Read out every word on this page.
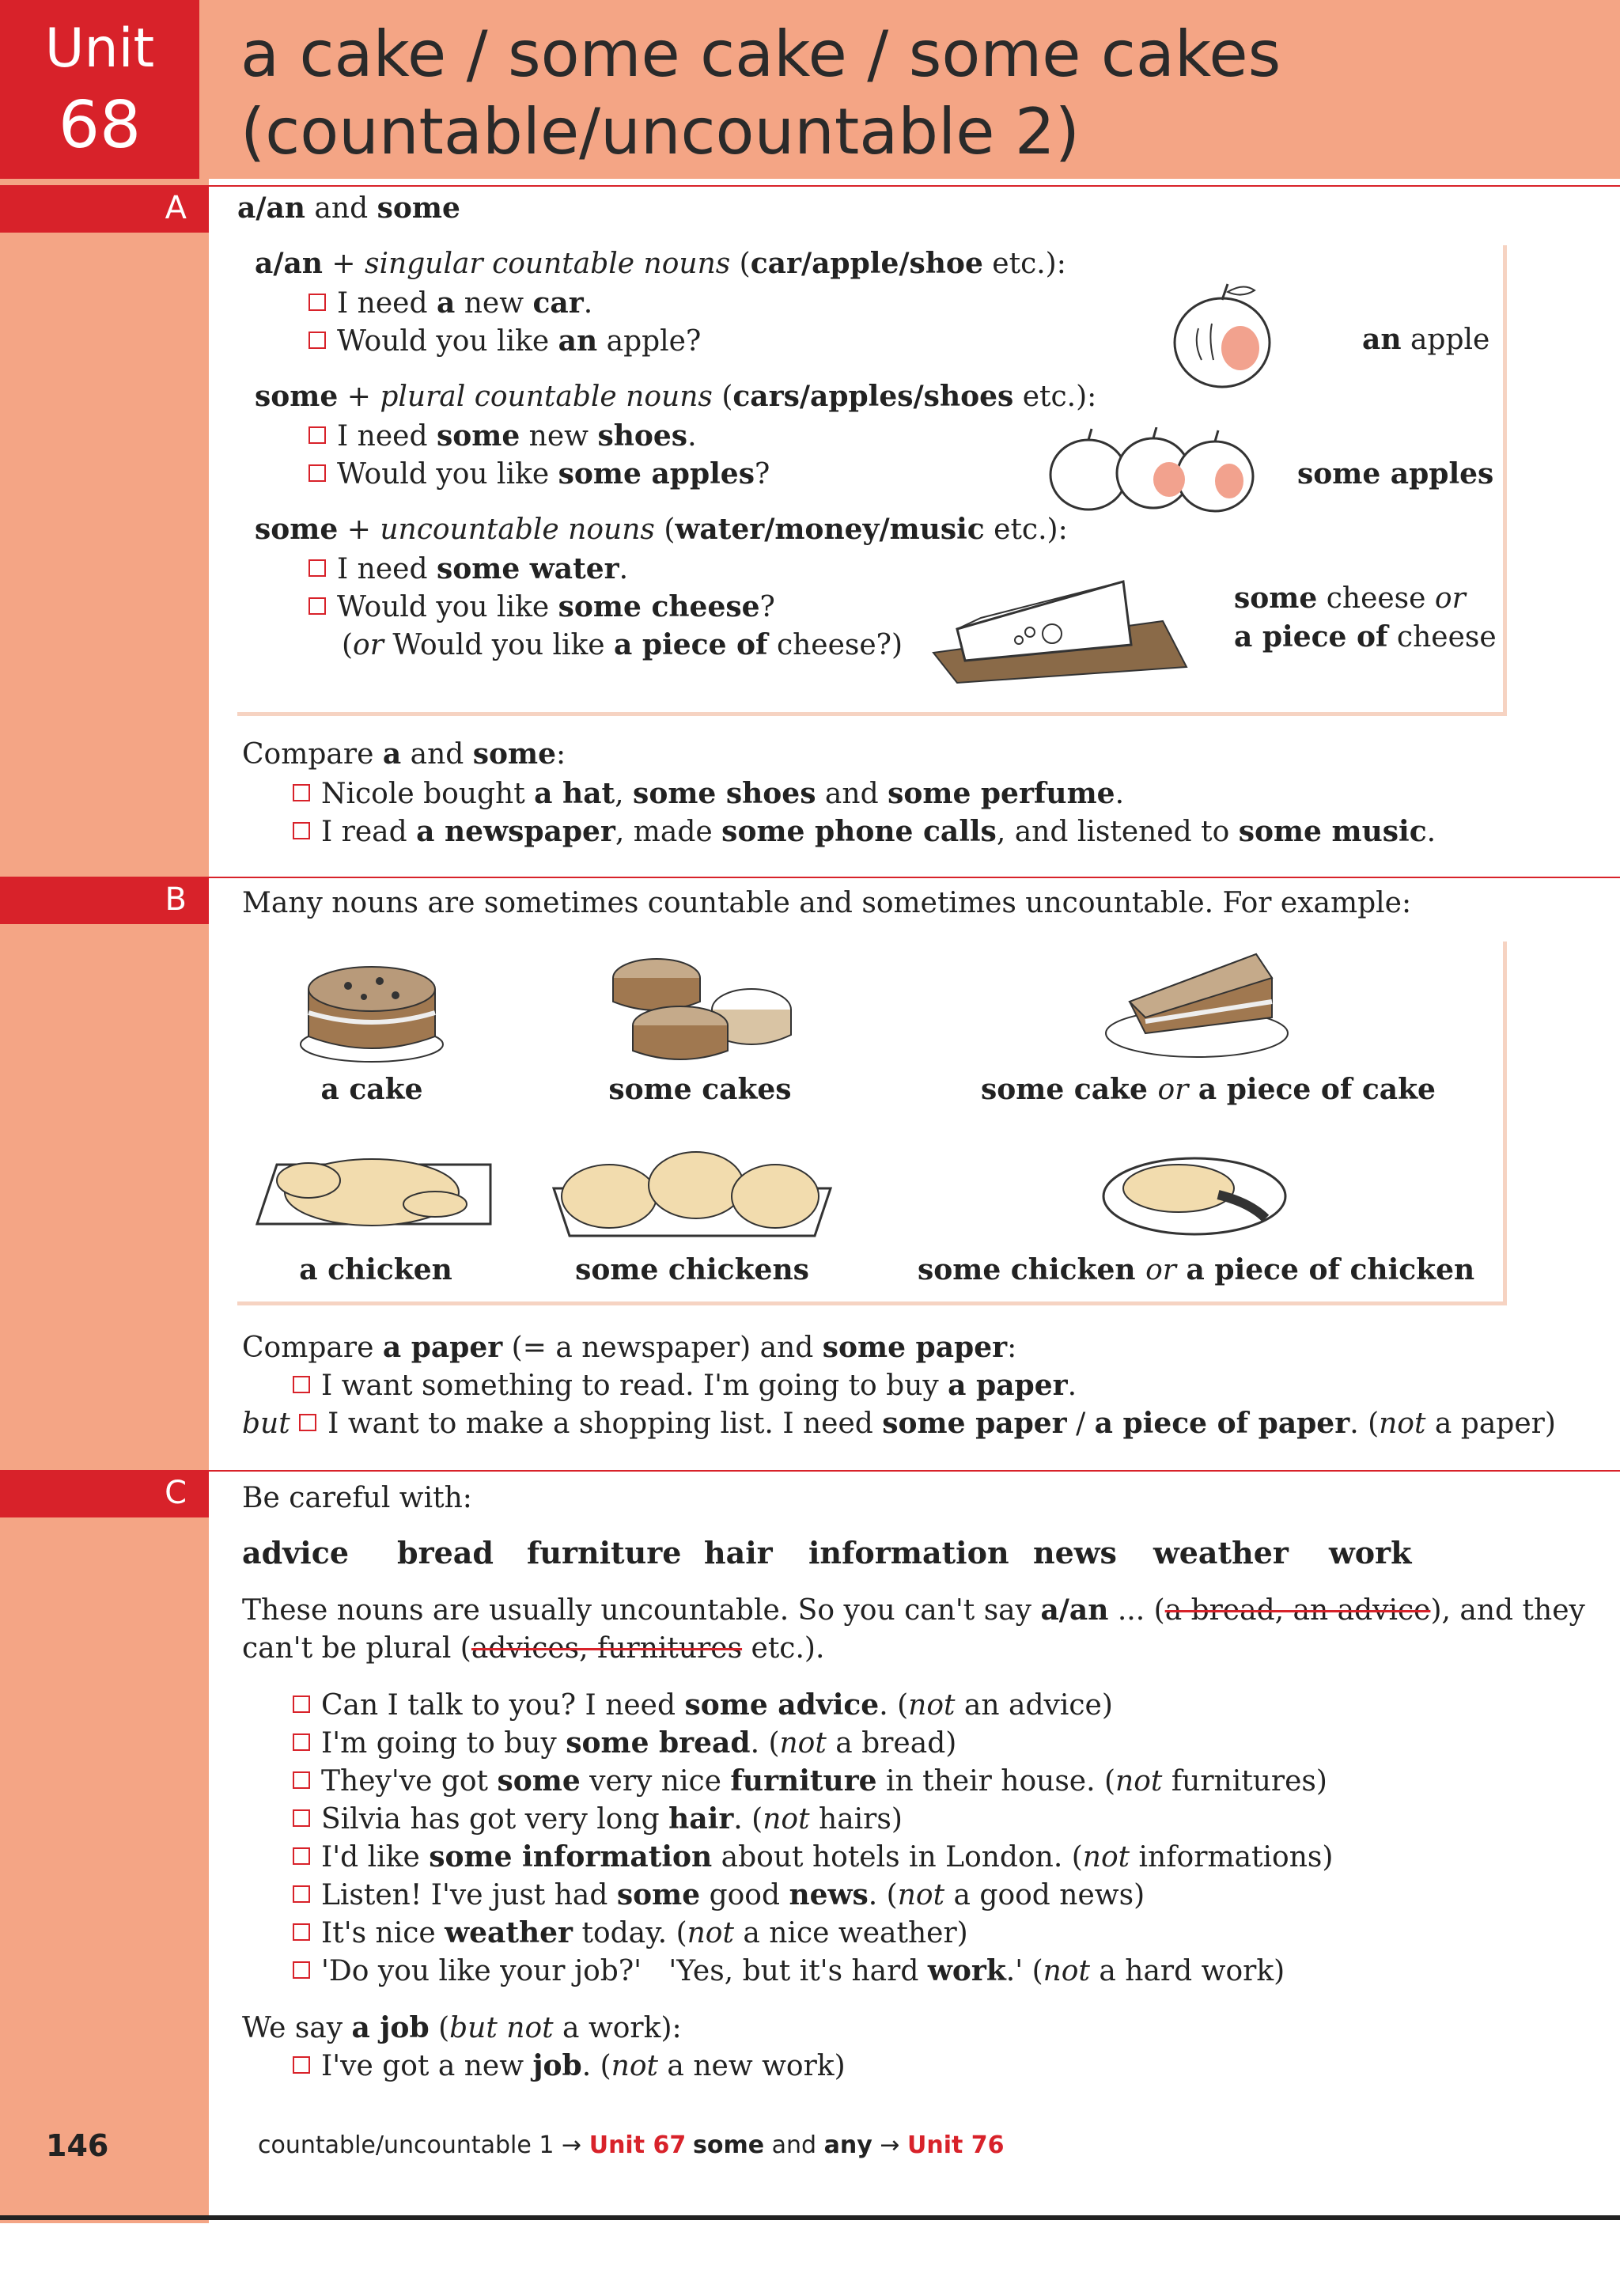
Unit
68
a cake / some cake / some cakes
(countable/uncountable 2)
A
B
C
a/an and some
a/an + singular countable nouns (car/apple/shoe etc.):
I need a new car.
Would you like an apple?
some + plural countable nouns (cars/apples/shoes etc.):
I need some new shoes.
Would you like some apples?
some + uncountable nouns (water/money/music etc.):
I need some water.
Would you like some cheese?
(or Would you like a piece of cheese?)
an apple
some apples
some cheese or
a piece of cheese
Compare a and some:
Nicole bought a hat, some shoes and some perfume.
I read a newspaper, made some phone calls, and listened to some music.
Many nouns are sometimes countable and sometimes uncountable. For example:
a cake	some cakes	some cake or a piece of cake
a chicken	some chickens	some chicken or a piece of chicken
Compare a paper (= a newspaper) and some paper:
I want something to read. I'm going to buy a paper.
but I want to make a shopping list. I need some paper / a piece of paper. (not a paper)
Be careful with:
advice bread furniture hair information news weather work
These nouns are usually uncountable. So you can't say a/an ... (a bread, an advice), and they
can't be plural (advices, furnitures etc.).
Can I talk to you? I need some advice. (not an advice)
I'm going to buy some bread. (not a bread)
They've got some very nice furniture in their house. (not furnitures)
Silvia has got very long hair. (not hairs)
I'd like some information about hotels in London. (not informations)
Listen! I've just had some good news. (not a good news)
It's nice weather today. (not a nice weather)
'Do you like your job?'   'Yes, but it's hard work.' (not a hard work)
We say a job (but not a work):
I've got a new job. (not a new work)
146	countable/uncountable 1 → Unit 67 some and any → Unit 76
